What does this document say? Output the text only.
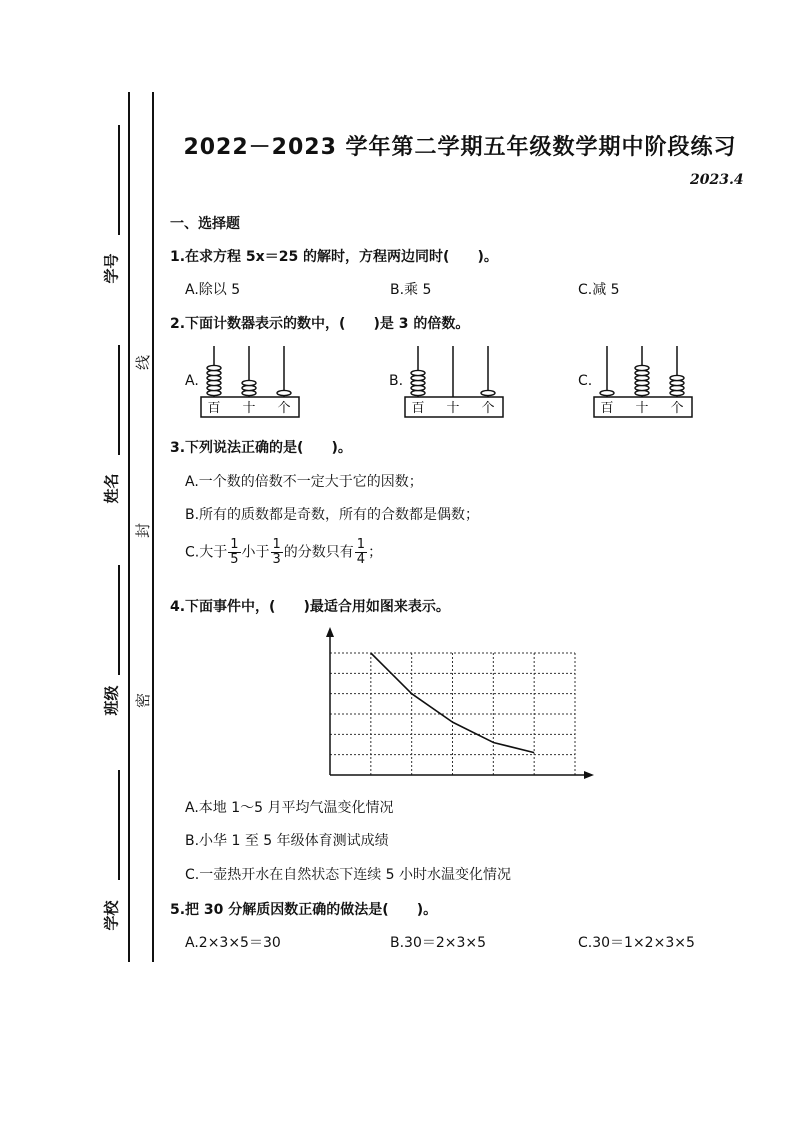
学号
姓名
班级
学校
线
封
密
2022－2023 学年第二学期五年级数学期中阶段练习
2023.4
一、选择题
1.在求方程 5x＝25 的解时，方程两边同时(　　)。
A.除以 5	B.乘 5	C.减 5
2.下面计数器表示的数中，(　　)是 3 的倍数。
A.
百 十 个
B.
百 十 个
C.
百 十 个
3.下列说法正确的是(　　)。
A.一个数的倍数不一定大于它的因数；
B.所有的质数都是奇数，所有的合数都是偶数；
C.大于 $\frac{1}{5}$ 小于 $\frac{1}{3}$ 的分数只有 $\frac{1}{4}$ ；
4.下面事件中，(　　)最适合用如图来表示。
A.本地 1～5 月平均气温变化情况
B.小华 1 至 5 年级体育测试成绩
C.一壶热开水在自然状态下连续 5 小时水温变化情况
5.把 30 分解质因数正确的做法是(　　)。
A.2×3×5＝30	B.30＝2×3×5	C.30＝1×2×3×5
